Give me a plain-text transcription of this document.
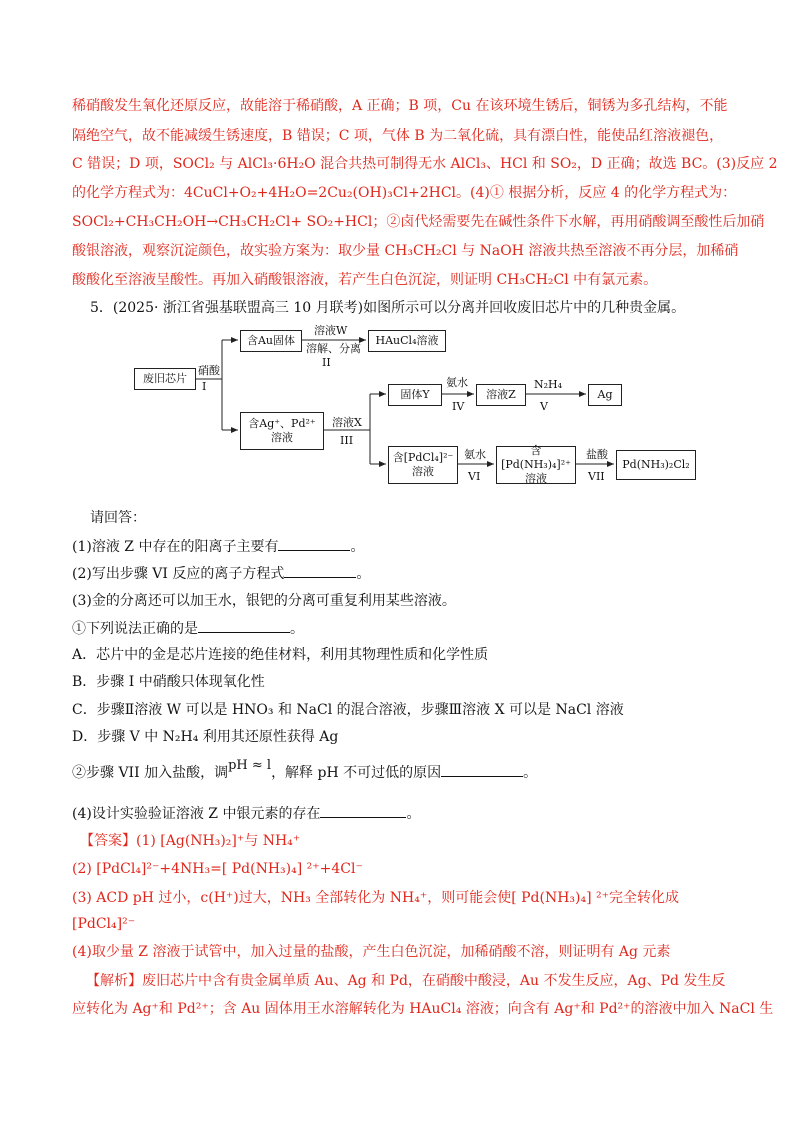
稀硝酸发生氧化还原反应，故能溶于稀硝酸，A 正确；B 项，Cu 在该环境生锈后，铜锈为多孔结构，不能
隔绝空气，故不能减缓生锈速度，B 错误；C 项，气体 B 为二氧化硫，具有漂白性，能使品红溶液褪色，
C 错误；D 项，SOCl₂ 与 AlCl₃·6H₂O 混合共热可制得无水 AlCl₃、HCl 和 SO₂，D 正确；故选 BC。(3)反应 2
的化学方程式为：4CuCl+O₂+4H₂O=2Cu₂(OH)₃Cl+2HCl。(4)① 根据分析，反应 4 的化学方程式为：
SOCl₂+CH₃CH₂OH→CH₃CH₂Cl+ SO₂+HCl；②卤代烃需要先在碱性条件下水解，再用硝酸调至酸性后加硝
酸银溶液，观察沉淀颜色，故实验方案为：取少量 CH₃CH₂Cl 与 NaOH 溶液共热至溶液不再分层，加稀硝
酸酸化至溶液呈酸性。再加入硝酸银溶液，若产生白色沉淀，则证明 CH₃CH₂Cl 中有氯元素。
5．(2025· 浙江省强基联盟高三 10 月联考)如图所示可以分离并回收废旧芯片中的几种贵金属。
废旧芯片
硝酸
I
含Au固体
溶液W
溶解、分离
II
HAuCl₄溶液
含Ag⁺、Pd²⁺
溶液
溶液X
III
固体Y
氨水
IV
溶液Z
N₂H₄
V
Ag
含[PdCl₄]²⁻
溶液
氨水
VI
含[Pd(NH₃)₄]²⁺
溶液
盐酸
VII
Pd(NH₃)₂Cl₂
请回答：
(1)溶液 Z 中存在的阳离子主要有	。
(2)写出步骤 VI 反应的离子方程式	。
(3)金的分离还可以加王水，银钯的分离可重复利用某些溶液。
①下列说法正确的是	。
A．芯片中的金是芯片连接的绝佳材料，利用其物理性质和化学性质
B．步骤 I 中硝酸只体现氧化性
C．步骤Ⅱ溶液 W 可以是 HNO₃ 和 NaCl 的混合溶液，步骤Ⅲ溶液 X 可以是 NaCl 溶液
D．步骤 V 中 N₂H₄ 利用其还原性获得 Ag
②步骤 VII 加入盐酸，调pH ≈ l，解释 pH 不可过低的原因	。
(4)设计实验验证溶液 Z 中银元素的存在	。
【答案】(1) [Ag(NH₃)₂]⁺与 NH₄⁺
(2) [PdCl₄]²⁻+4NH₃=[ Pd(NH₃)₄] ²⁺+4Cl⁻
(3) ACD pH 过小，c(H⁺)过大，NH₃ 全部转化为 NH₄⁺，则可能会使[ Pd(NH₃)₄] ²⁺完全转化成
[PdCl₄]²⁻
(4)取少量 Z 溶液于试管中，加入过量的盐酸，产生白色沉淀，加稀硝酸不溶，则证明有 Ag 元素
【解析】废旧芯片中含有贵金属单质 Au、Ag 和 Pd，在硝酸中酸浸，Au 不发生反应，Ag、Pd 发生反
应转化为 Ag⁺和 Pd²⁺；含 Au 固体用王水溶解转化为 HAuCl₄ 溶液；向含有 Ag⁺和 Pd²⁺的溶液中加入 NaCl 生
